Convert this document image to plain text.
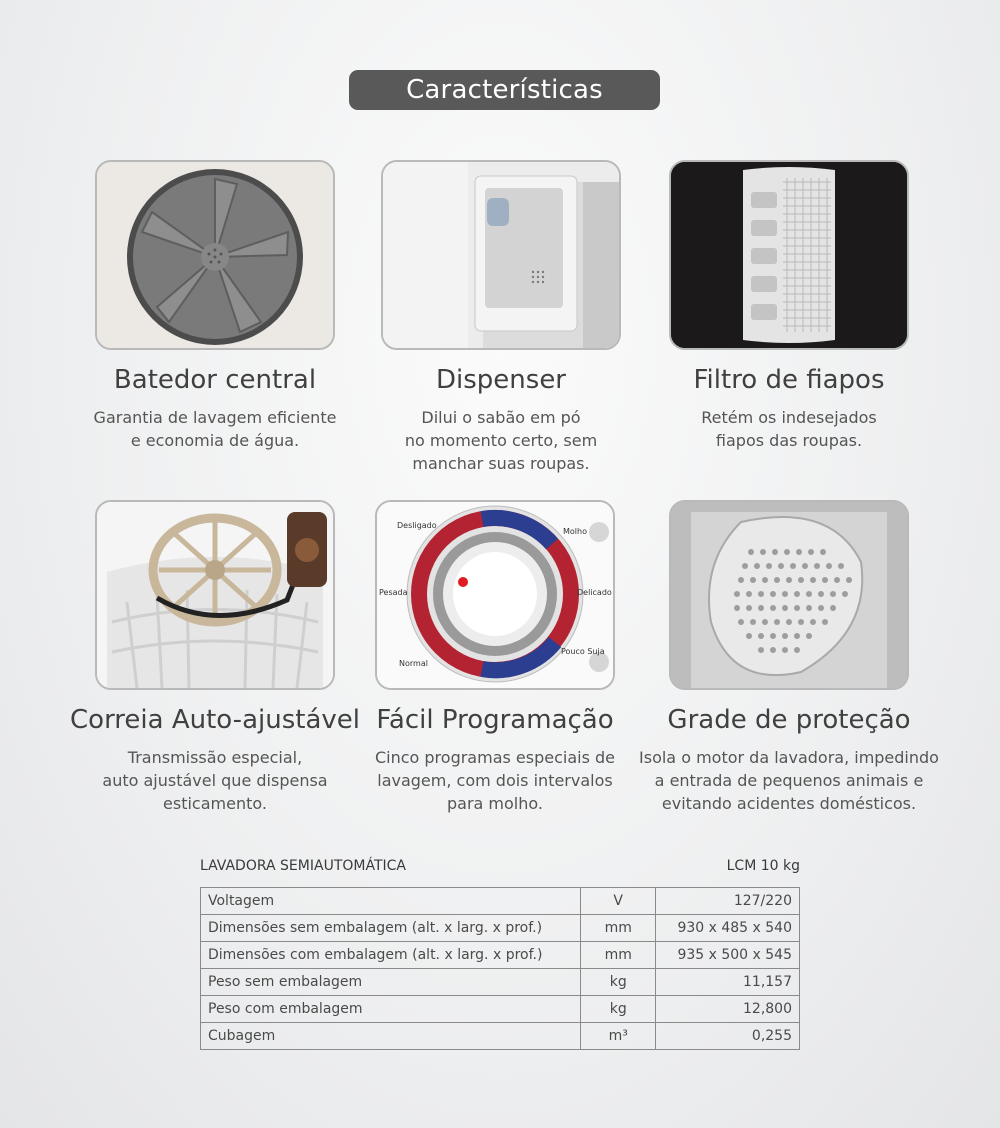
Características
Batedor central
Garantia de lavagem eficiente
e economia de água.
Dispenser
Dilui o sabão em pó
no momento certo, sem
manchar suas roupas.
Filtro de fiapos
Retém os indesejados
fiapos das roupas.
Correia Auto-ajustável
Transmissão especial,
auto ajustável que dispensa
esticamento.
Desligado
Molho
Pesada	Delicado
Normal
Pouco Suja
Fácil Programação
Cinco programas especiais de
lavagem, com dois intervalos
para molho.
Grade de proteção
Isola o motor da lavadora, impedindo
a entrada de pequenos animais e
evitando acidentes domésticos.
LAVADORA SEMIAUTOMÁTICA	LCM 10 kg
Voltagem	V	127/220
Dimensões sem embalagem (alt. x larg. x prof.)	mm	930 x 485 x 540
Dimensões com embalagem (alt. x larg. x prof.)	mm	935 x 500 x 545
Peso sem embalagem	kg	11,157
Peso com embalagem	kg	12,800
Cubagem	m³	0,255
